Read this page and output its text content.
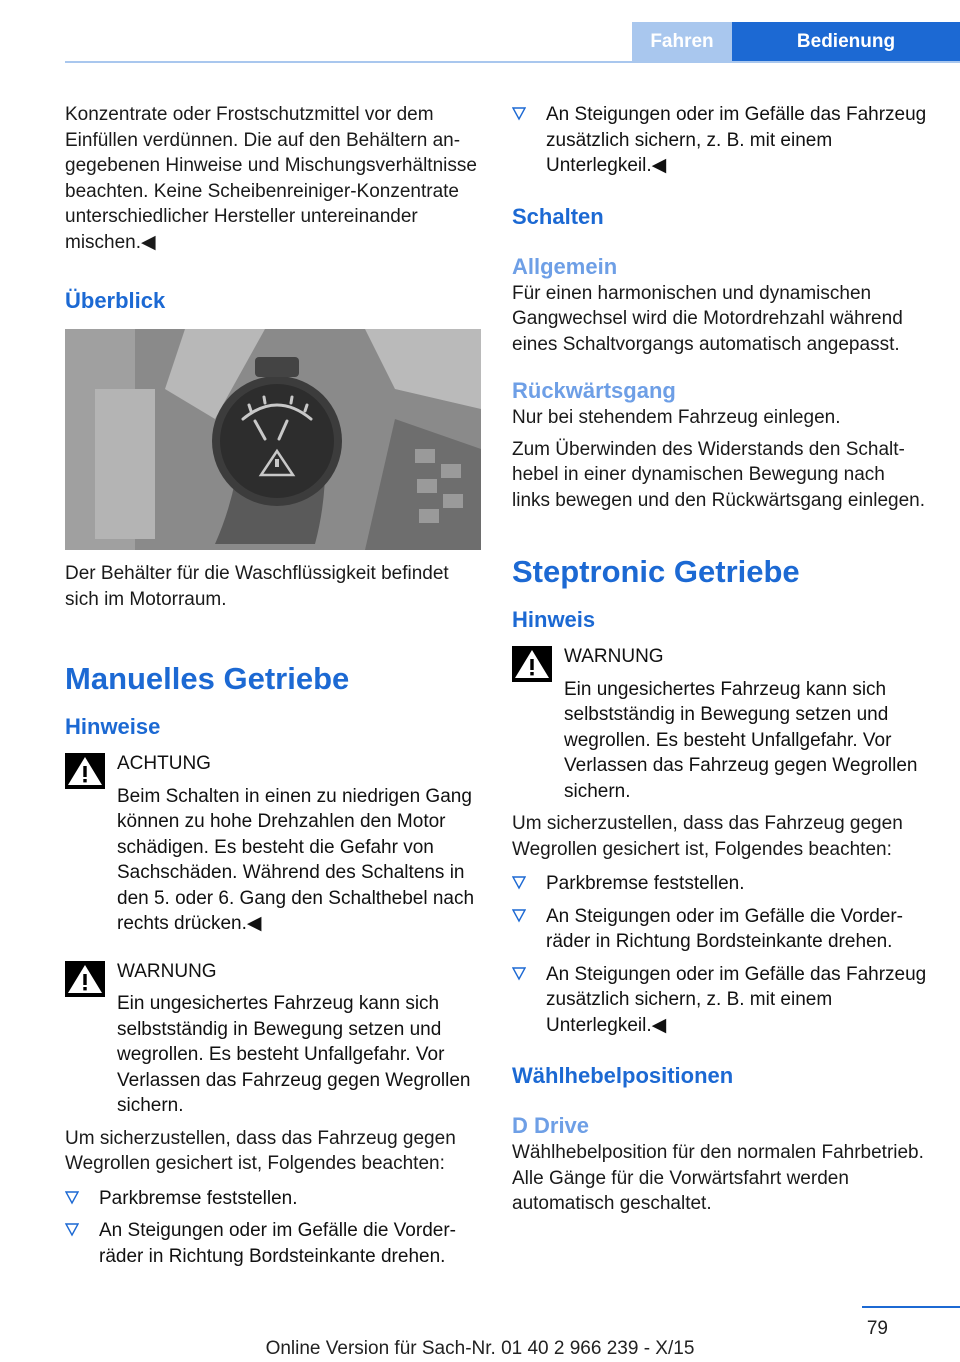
Fahren	Bedienung

Konzentrate oder Frostschutzmittel vor dem Einfüllen verdünnen. Die auf den Behältern angegebenen Hinweise und Mischungsverhältnisse beachten. Keine Scheibenreiniger-Konzentrate unterschiedlicher Hersteller untereinander mischen.◀

Überblick

Der Behälter für die Waschflüssigkeit befindet sich im Motorraum.

Manuelles Getriebe
Hinweise
ACHTUNG
Beim Schalten in einen zu niedrigen Gang können zu hohe Drehzahlen den Motor schädigen. Es besteht die Gefahr von Sachschäden. Während des Schaltens in den 5. oder 6. Gang den Schalthebel nach rechts drücken.◀
WARNUNG
Ein ungesichertes Fahrzeug kann sich selbstständig in Bewegung setzen und wegrollen. Es besteht Unfallgefahr. Vor Verlassen das Fahrzeug gegen Wegrollen sichern.

Um sicherzustellen, dass das Fahrzeug gegen Wegrollen gesichert ist, Folgendes beachten:

Parkbremse feststellen.
An Steigungen oder im Gefälle die Vorderräder in Richtung Bordsteinkante drehen.
An Steigungen oder im Gefälle das Fahrzeug zusätzlich sichern, z. B. mit einem Unterlegkeil.◀
Schalten
Allgemein

Für einen harmonischen und dynamischen Gangwechsel wird die Motordrehzahl während eines Schaltvorgangs automatisch angepasst.

Rückwärtsgang

Nur bei stehendem Fahrzeug einlegen.

Zum Überwinden des Widerstands den Schalthebel in einer dynamischen Bewegung nach links bewegen und den Rückwärtsgang einlegen.

Steptronic Getriebe
Hinweis
WARNUNG
Ein ungesichertes Fahrzeug kann sich selbstständig in Bewegung setzen und wegrollen. Es besteht Unfallgefahr. Vor Verlassen das Fahrzeug gegen Wegrollen sichern.

Um sicherzustellen, dass das Fahrzeug gegen Wegrollen gesichert ist, Folgendes beachten:

Parkbremse feststellen.
An Steigungen oder im Gefälle die Vorderräder in Richtung Bordsteinkante drehen.
An Steigungen oder im Gefälle das Fahrzeug zusätzlich sichern, z. B. mit einem Unterlegkeil.◀
Wählhebelpositionen
D Drive

Wählhebelposition für den normalen Fahrbetrieb. Alle Gänge für die Vorwärtsfahrt werden automatisch geschaltet.

79
Online Version für Sach-Nr. 01 40 2 966 239 - X/15
